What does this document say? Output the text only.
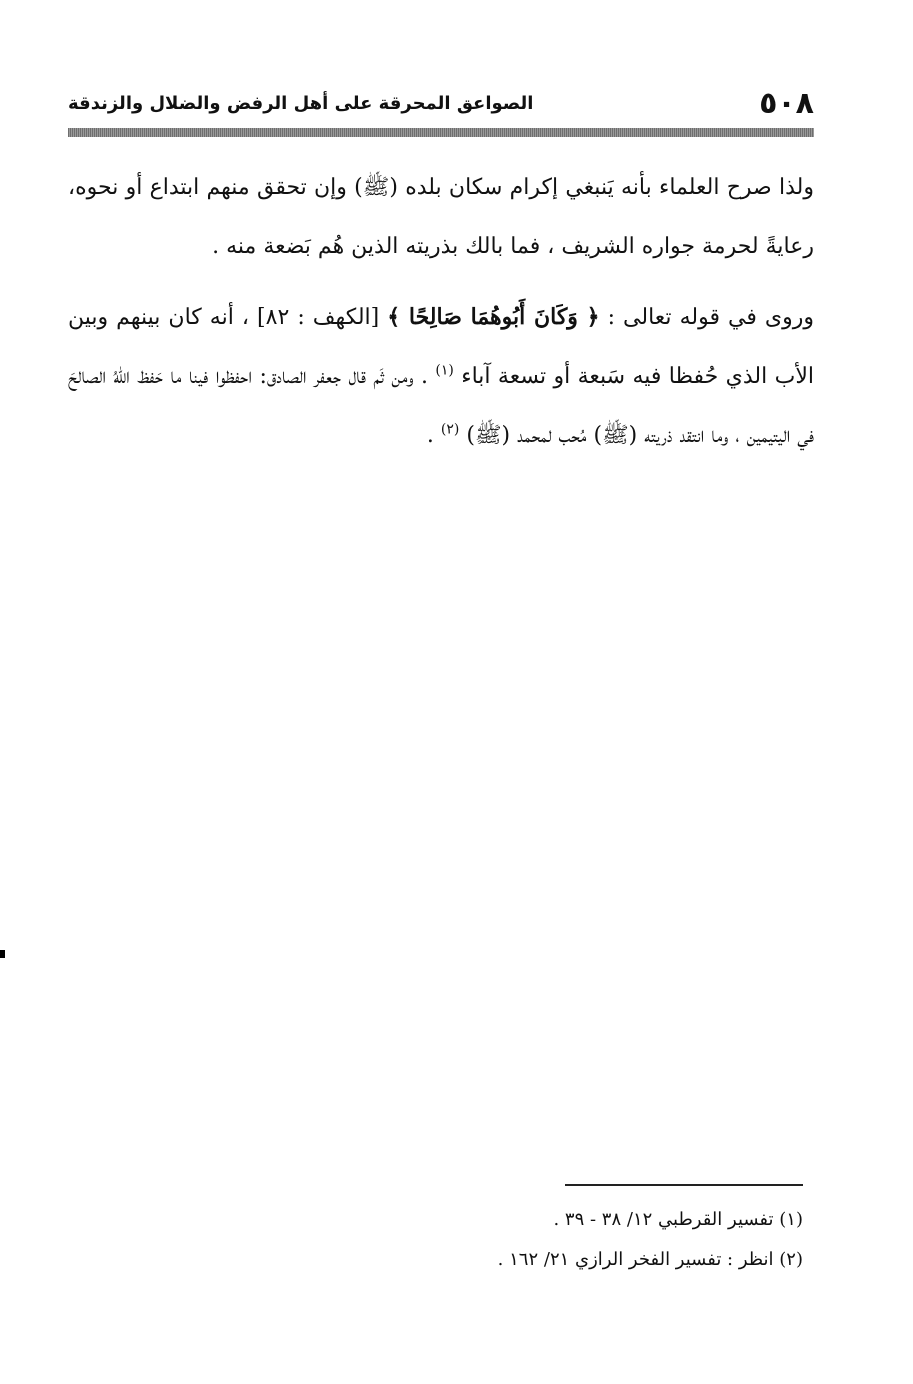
٥٠٨
الصواعق المحرقة على أهل الرفض والضلال والزندقة

ولذا صرح العلماء بأنه يَنبغي إكرام سكان بلده (ﷺ) وإن تحقق منهم ابتداع أو نحوه، رعايةً لحرمة جواره الشريف ، فما بالك بذريته الذين هُم بَضعة منه .

وروى في قوله تعالى : ﴿ وَكَانَ أَبُوهُمَا صَالِحًا ﴾ [الكهف : ٨٢] ، أنه كان بينهم وبين الأب الذي حُفظا فيه سَبعة أو تسعة آباء $^{(١)}$ . ومن ثَم قال جعفر الصادق: احفظوا فينا ما حَفظ اللهُ الصالحَ في اليتيمين ، وما انتقد ذريته (ﷺ) مُحب لمحمد (ﷺ) $^{(٢)}$ .

(١) تفسير القرطبي ١٢/ ٣٨ - ٣٩ .

(٢) انظر : تفسير الفخر الرازي ٢١/ ١٦٢ .
